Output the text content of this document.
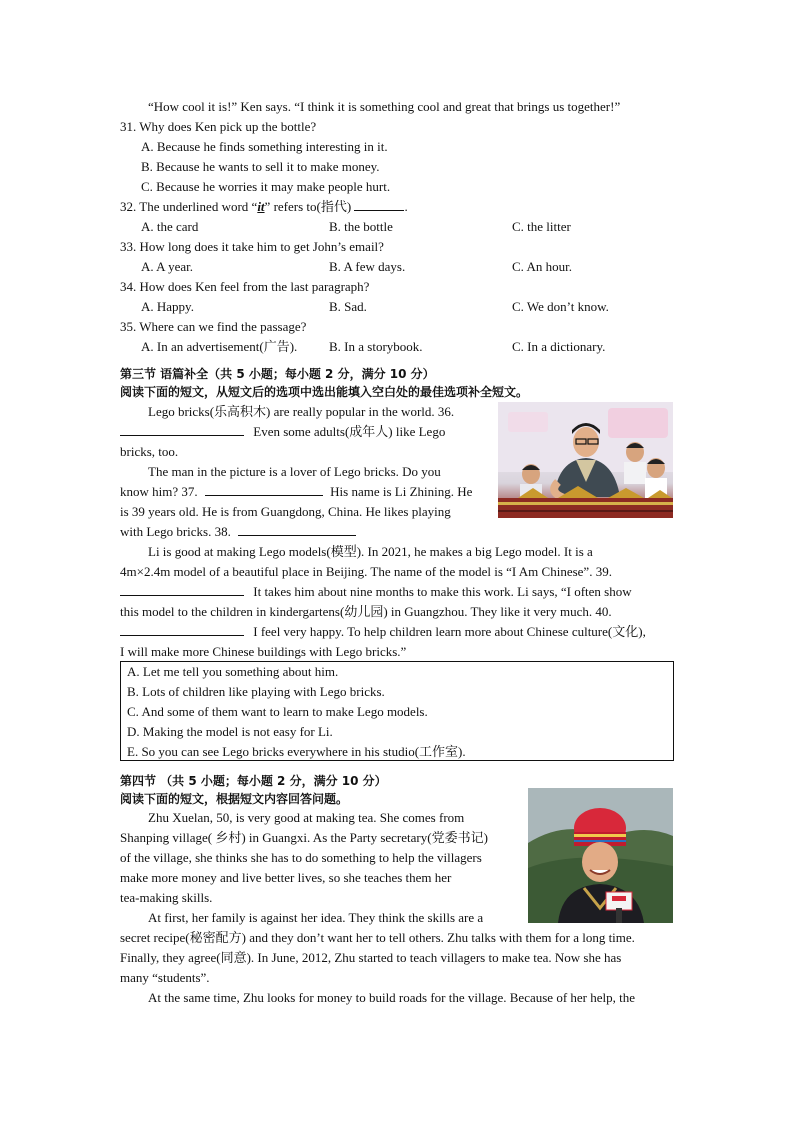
“How cool it is!” Ken says. “I think it is something cool and great that brings us together!”
31. Why does Ken pick up the bottle?
A. Because he finds something interesting in it.
B. Because he wants to sell it to make money.
C. Because he worries it may make people hurt.
32. The underlined word “it” refers to(指代)	.
A. the card	B. the bottle	C. the litter
33. How long does it take him to get John’s email?
A. A year.	B. A few days.	C. An hour.
34. How does Ken feel from the last paragraph?
A. Happy.	B. Sad.	C. We don’t know.
35. Where can we find the passage?
A. In an advertisement(广告). B. In a storybook.	C. In a dictionary.
第三节 语篇补全（共 5 小题；每小题 2 分，满分 10 分）
阅读下面的短文，从短文后的选项中选出能填入空白处的最佳选项补全短文。
Lego bricks(乐高积木) are really popular in the world. 36.
Even some adults(成年人) like Lego
bricks, too.
The man in the picture is a lover of Lego bricks. Do you
know him? 37.	His name is Li Zhining. He
is 39 years old. He is from Guangdong, China. He likes playing
with Lego bricks. 38.
Li is good at making Lego models(模型). In 2021, he makes a big Lego model. It is a
4m×2.4m model of a beautiful place in Beijing. The name of the model is “I Am Chinese”. 39.
It takes him about nine months to make this work. Li says, “I often show
this model to the children in kindergartens(幼儿园) in Guangzhou. They like it very much. 40.
I feel very happy. To help children learn more about Chinese culture(文化),
I will make more Chinese buildings with Lego bricks.”
A. Let me tell you something about him.
B. Lots of children like playing with Lego bricks.
C. And some of them want to learn to make Lego models.
D. Making the model is not easy for Li.
E. So you can see Lego bricks everywhere in his studio(工作室).
第四节 （共 5 小题；每小题 2 分，满分 10 分）
阅读下面的短文，根据短文内容回答问题。
Zhu Xuelan, 50, is very good at making tea. She comes from
Shanping village( 乡村) in Guangxi. As the Party secretary(党委书记)
of the village, she thinks she has to do something to help the villagers
make more money and live better lives, so she teaches them her
tea-making skills.
At first, her family is against her idea. They think the skills are a
secret recipe(秘密配方) and they don’t want her to tell others. Zhu talks with them for a long time.
Finally, they agree(同意). In June, 2012, Zhu started to teach villagers to make tea. Now she has
many “students”.
At the same time, Zhu looks for money to build roads for the village. Because of her help, the
